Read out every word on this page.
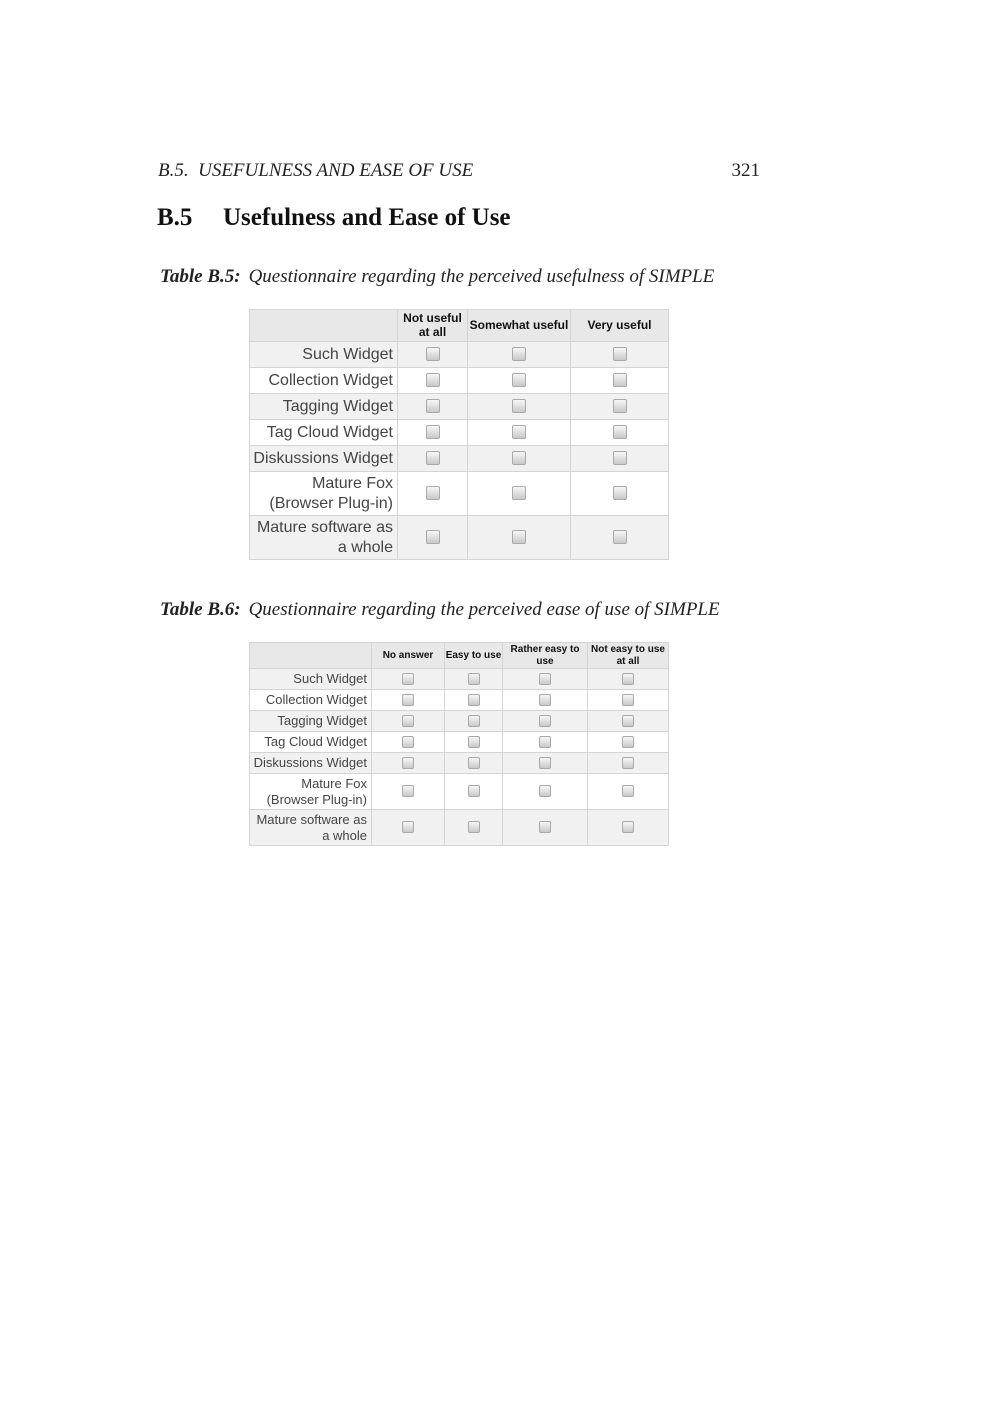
B.5. USEFULNESS AND EASE OF USE	321
B.5 Usefulness and Ease of Use
Table B.5: Questionnaire regarding the perceived usefulness of SIMPLE
	Not useful at all	Somewhat useful	Very useful
Such Widget			
Collection Widget			
Tagging Widget			
Tag Cloud Widget			
Diskussions Widget			
Mature Fox (Browser Plug-in)			
Mature software as a whole			
Table B.6: Questionnaire regarding the perceived ease of use of SIMPLE
	No answer	Easy to use	Rather easy to use	Not easy to use at all
Such Widget				
Collection Widget				
Tagging Widget				
Tag Cloud Widget				
Diskussions Widget				
Mature Fox (Browser Plug-in)				
Mature software as a whole				
